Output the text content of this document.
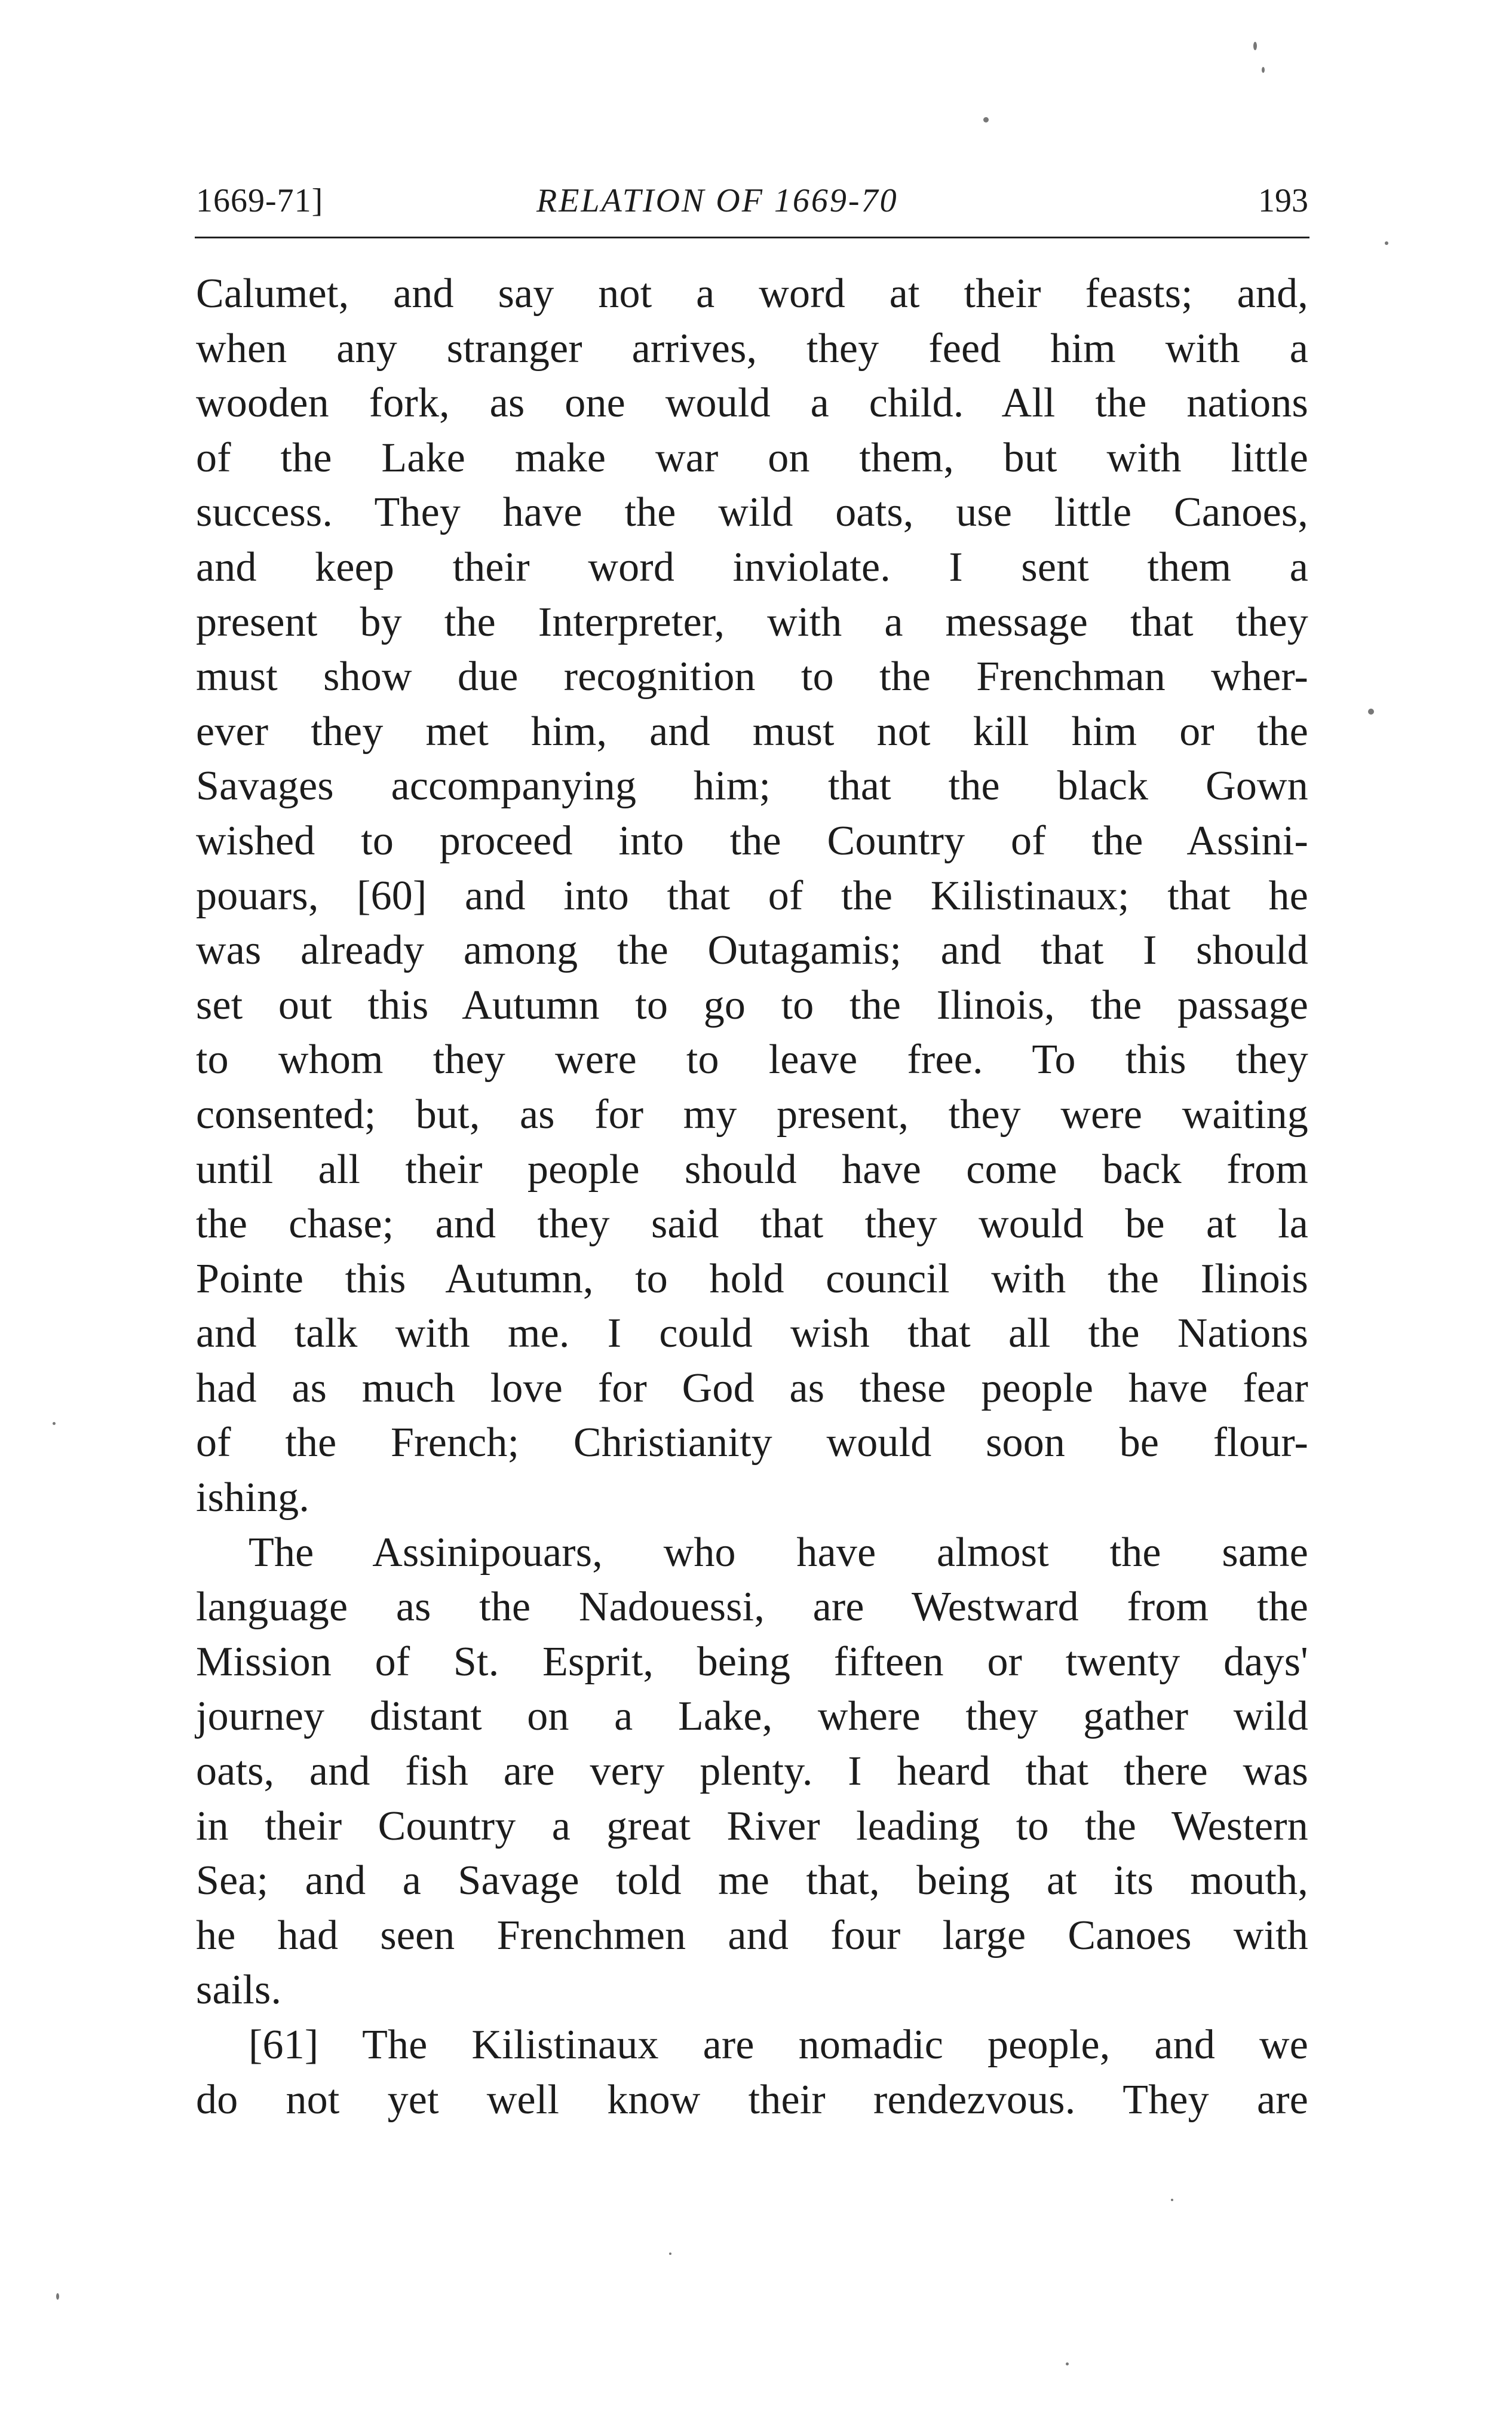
1669-71]	RELATION OF 1669-70	193
Calumet, and say not a word at their feasts; and,
when any stranger arrives, they feed him with a
wooden fork, as one would a child. All the nations
of the Lake make war on them, but with little
success. They have the wild oats, use little Canoes,
and keep their word inviolate. I sent them a
present by the Interpreter, with a message that they
must show due recognition to the Frenchman wher-
ever they met him, and must not kill him or the
Savages accompanying him; that the black Gown
wished to proceed into the Country of the Assini-
pouars, [60] and into that of the Kilistinaux; that he
was already among the Outagamis; and that I should
set out this Autumn to go to the Ilinois, the passage
to whom they were to leave free. To this they
consented; but, as for my present, they were waiting
until all their people should have come back from
the chase; and they said that they would be at la
Pointe this Autumn, to hold council with the Ilinois
and talk with me. I could wish that all the Nations
had as much love for God as these people have fear
of the French; Christianity would soon be flour-
ishing.
The Assinipouars, who have almost the same
language as the Nadouessi, are Westward from the
Mission of St. Esprit, being fifteen or twenty days'
journey distant on a Lake, where they gather wild
oats, and fish are very plenty. I heard that there was
in their Country a great River leading to the Western
Sea; and a Savage told me that, being at its mouth,
he had seen Frenchmen and four large Canoes with
sails.
[61] The Kilistinaux are nomadic people, and we
do not yet well know their rendezvous. They are
